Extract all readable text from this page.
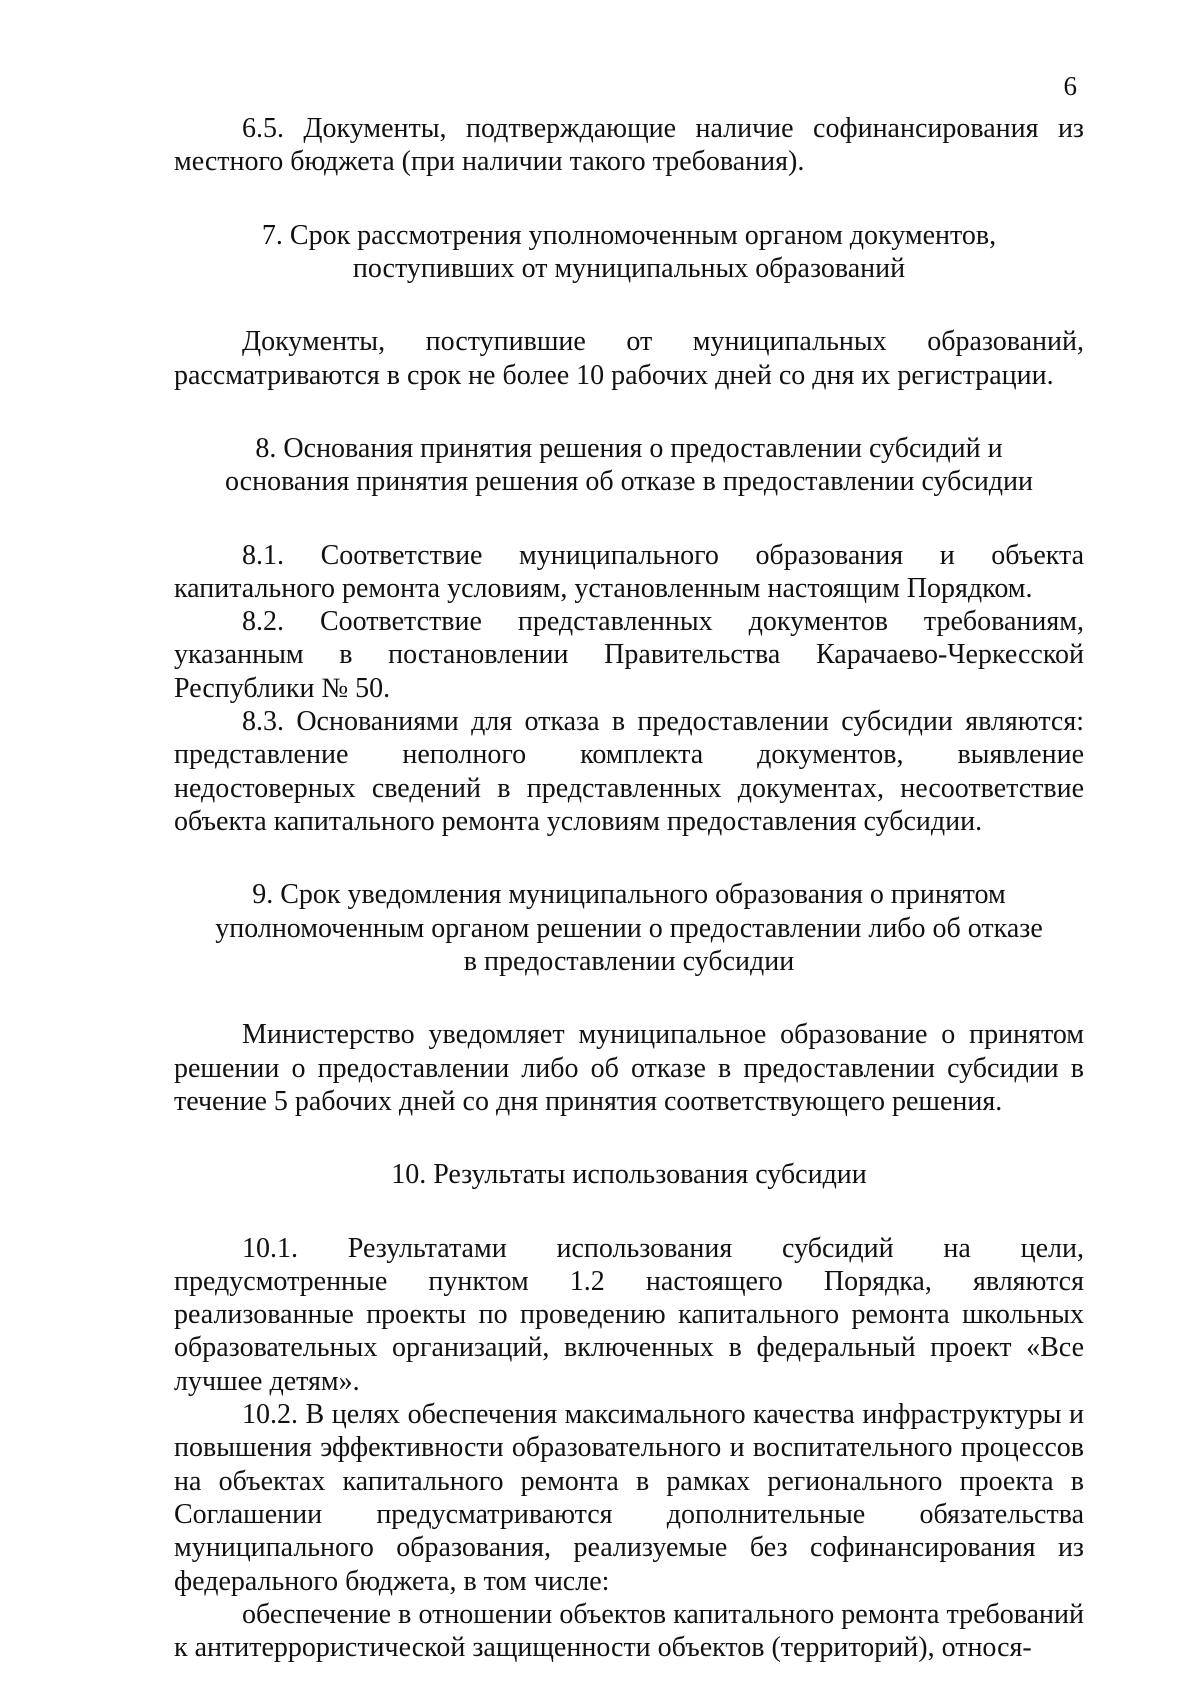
6

6.5. Документы, подтверждающие наличие софинансирования из местного бюджета (при наличии такого требования).

7. Срок рассмотрения уполномоченным органом документов,
поступивших от муниципальных образований

Документы, поступившие от муниципальных образований, рассматриваются в срок не более 10 рабочих дней со дня их регистрации.

8. Основания принятия решения о предоставлении субсидий и
основания принятия решения об отказе в предоставлении субсидии

8.1. Соответствие муниципального образования и объекта капитального ремонта условиям, установленным настоящим Порядком.

8.2. Соответствие представленных документов требованиям, указанным в постановлении Правительства Карачаево-Черкесской Республики № 50.

8.3. Основаниями для отказа в предоставлении субсидии являются: представление неполного комплекта документов, выявление недостоверных сведений в представленных документах, несоответствие объекта капитального ремонта условиям предоставления субсидии.

9. Срок уведомления муниципального образования о принятом
уполномоченным органом решении о предоставлении либо об отказе
в предоставлении субсидии

Министерство уведомляет муниципальное образование о принятом решении о предоставлении либо об отказе в предоставлении субсидии в течение 5 рабочих дней со дня принятия соответствующего решения.

10. Результаты использования субсидии

10.1. Результатами использования субсидий на цели, предусмотренные пунктом 1.2 настоящего Порядка, являются реализованные проекты по проведению капитального ремонта школьных образовательных организаций, включенных в федеральный проект «Все лучшее детям».

10.2. В целях обеспечения максимального качества инфраструктуры и повышения эффективности образовательного и воспитательного процессов на объектах капитального ремонта в рамках регионального проекта в Соглашении предусматриваются дополнительные обязательства муниципального образования, реализуемые без софинансирования из федерального бюджета, в том числе:

обеспечение в отношении объектов капитального ремонта требований к антитеррористической защищенности объектов (территорий), относя-
